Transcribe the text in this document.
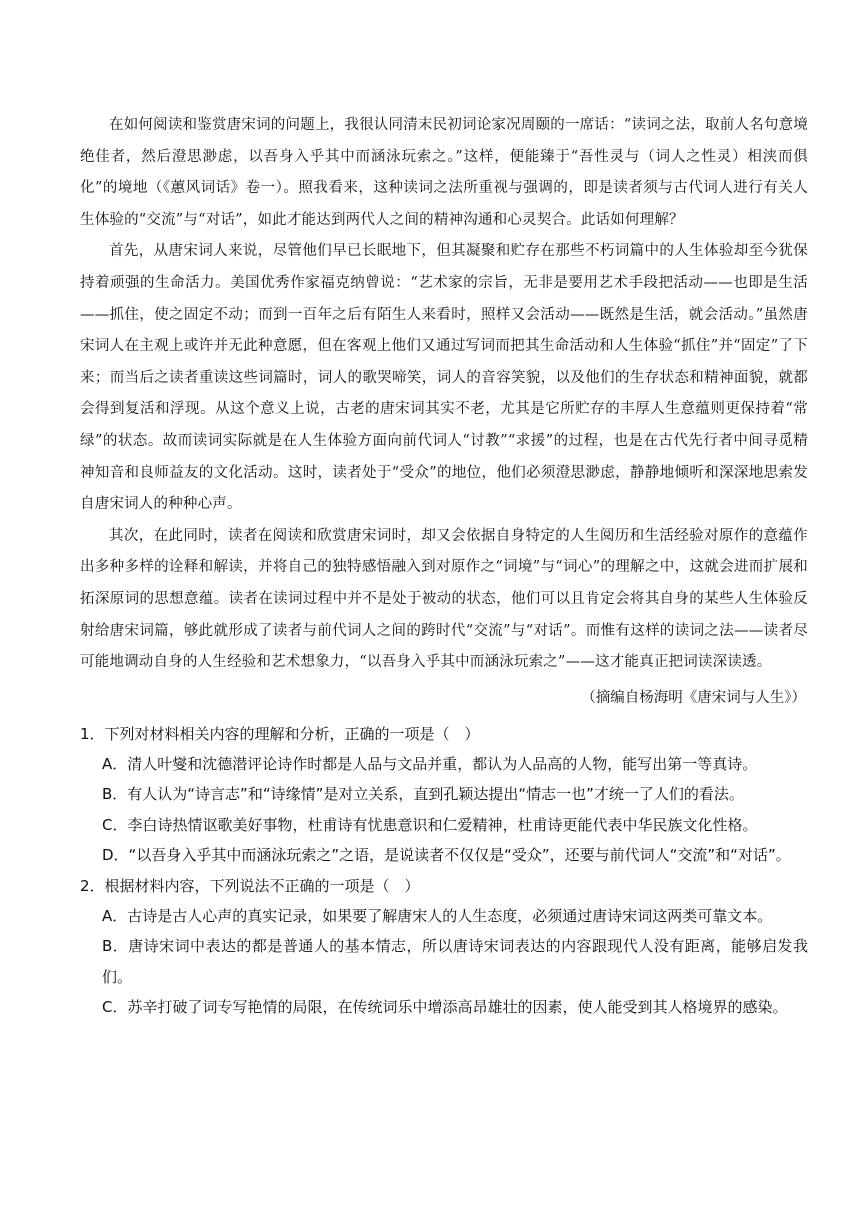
在如何阅读和鉴赏唐宋词的问题上，我很认同清末民初词论家况周颐的一席话：“读词之法，取前人名句意境绝佳者，然后澄思渺虑，以吾身入乎其中而涵泳玩索之。”这样，便能臻于“吾性灵与（词人之性灵）相浃而俱化”的境地（《蕙风词话》卷一）。照我看来，这种读词之法所重视与强调的，即是读者须与古代词人进行有关人生体验的“交流”与“对话”，如此才能达到两代人之间的精神沟通和心灵契合。此话如何理解？

首先，从唐宋词人来说，尽管他们早已长眠地下，但其凝聚和贮存在那些不朽词篇中的人生体验却至今犹保持着顽强的生命活力。美国优秀作家福克纳曾说：“艺术家的宗旨，无非是要用艺术手段把活动——也即是生活——抓住，使之固定不动；而到一百年之后有陌生人来看时，照样又会活动——既然是生活，就会活动。”虽然唐宋词人在主观上或许并无此种意愿，但在客观上他们又通过写词而把其生命活动和人生体验“抓住”并“固定”了下来；而当后之读者重读这些词篇时，词人的歌哭啼笑，词人的音容笑貌，以及他们的生存状态和精神面貌，就都会得到复活和浮现。从这个意义上说，古老的唐宋词其实不老，尤其是它所贮存的丰厚人生意蕴则更保持着“常绿”的状态。故而读词实际就是在人生体验方面向前代词人“讨教”“求援”的过程，也是在古代先行者中间寻觅精神知音和良师益友的文化活动。这时，读者处于“受众”的地位，他们必须澄思渺虑，静静地倾听和深深地思索发自唐宋词人的种种心声。

其次，在此同时，读者在阅读和欣赏唐宋词时，却又会依据自身特定的人生阅历和生活经验对原作的意蕴作出多种多样的诠释和解读，并将自己的独特感悟融入到对原作之“词境”与“词心”的理解之中，这就会进而扩展和拓深原词的思想意蕴。读者在读词过程中并不是处于被动的状态，他们可以且肯定会将其自身的某些人生体验反射给唐宋词篇，够此就形成了读者与前代词人之间的跨时代“交流”与“对话”。而惟有这样的读词之法——读者尽可能地调动自身的人生经验和艺术想象力，“以吾身入乎其中而涵泳玩索之”——这才能真正把词读深读透。

（摘编自杨海明《唐宋词与人生》）

1．下列对材料相关内容的理解和分析，正确的一项是（　）

A．清人叶燮和沈德潜评论诗作时都是人品与文品并重，都认为人品高的人物，能写出第一等真诗。

B．有人认为“诗言志”和“诗缘情”是对立关系，直到孔颖达提出“情志一也”才统一了人们的看法。

C．李白诗热情讴歌美好事物，杜甫诗有忧患意识和仁爱精神，杜甫诗更能代表中华民族文化性格。

D．“以吾身入乎其中而涵泳玩索之”之语，是说读者不仅仅是“受众”，还要与前代词人“交流”和“对话”。

2．根据材料内容，下列说法不正确的一项是（　）

A．古诗是古人心声的真实记录，如果要了解唐宋人的人生态度，必须通过唐诗宋词这两类可靠文本。

B．唐诗宋词中表达的都是普通人的基本情志，所以唐诗宋词表达的内容跟现代人没有距离，能够启发我们。

C．苏辛打破了词专写艳情的局限，在传统词乐中增添高昂雄壮的因素，使人能受到其人格境界的感染。
